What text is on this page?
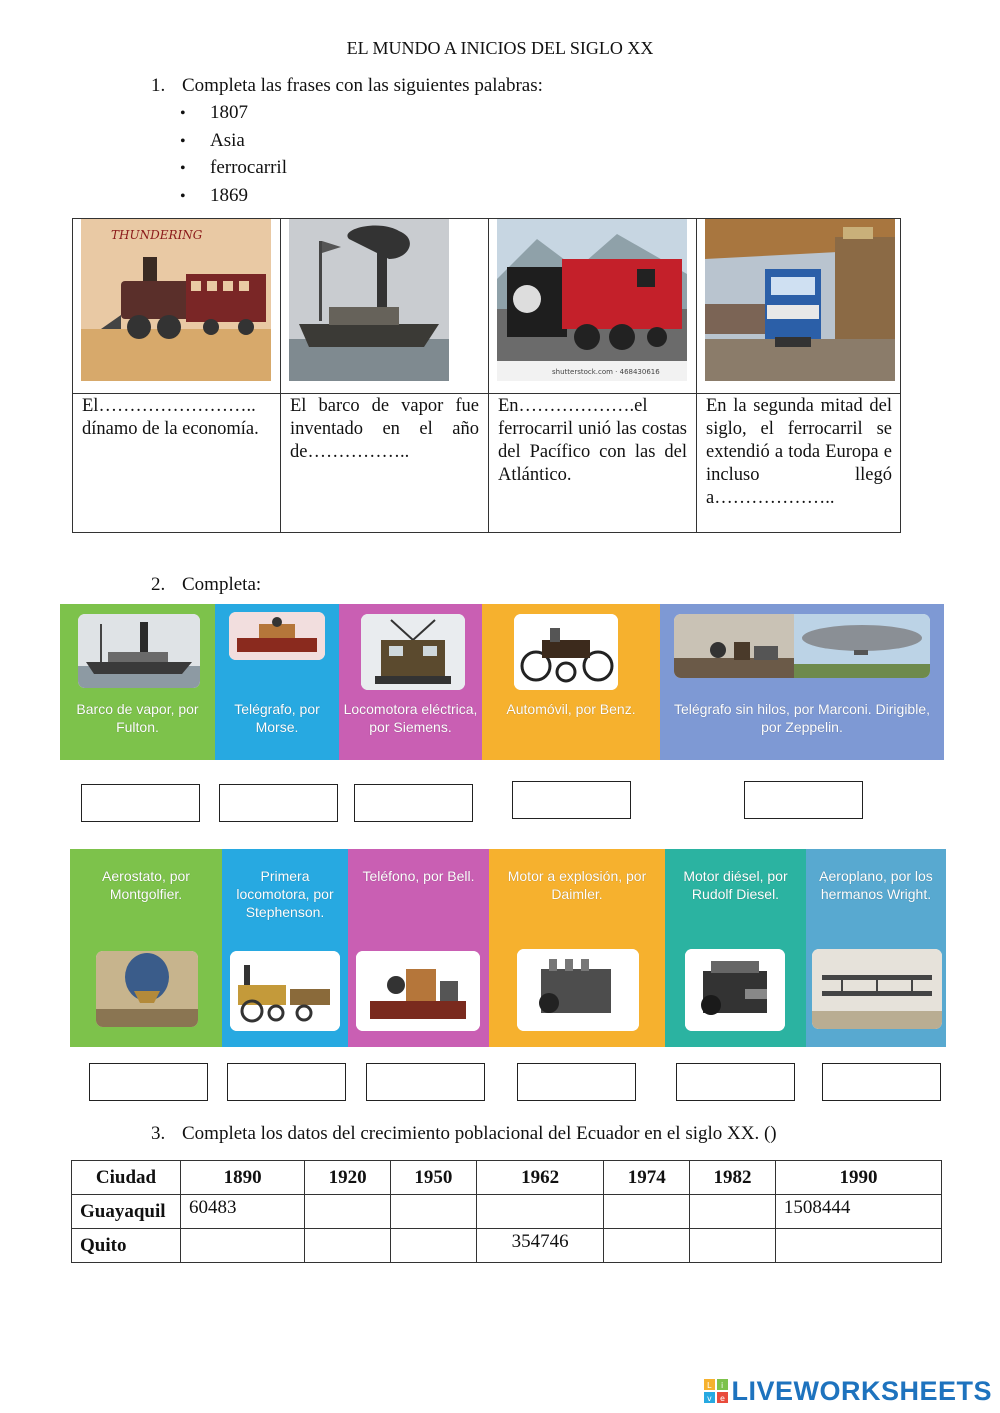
EL MUNDO A INICIOS DEL SIGLO XX
1. Completa las frases con las siguientes palabras:
• 1807
• Asia
• ferrocarril
• 1869
THUNDERING
El…………………….. dínamo de la economía.
El barco de vapor fue inventado en el año de……………..
shutterstock.com · 468430616
En……………….el ferrocarril unió las costas del Pacífico con las del Atlántico.
En la segunda mitad del siglo, el ferrocarril se extendió a toda Europa e incluso llegó a………………..
2. Completa:
Barco de vapor, por Fulton.
Telégrafo, por Morse.
Locomotora eléctrica, por Siemens.
Automóvil, por Benz.	Telégrafo sin hilos, por Marconi. Dirigible, por Zeppelin.
Aerostato, por Montgolfier.
Primera locomotora, por Stephenson.
Teléfono, por Bell.	Motor a explosión, por Daimler.
Motor diésel, por Rudolf Diesel.
Aeroplano, por los hermanos Wright.
3. Completa los datos del crecimiento poblacional del Ecuador en el siglo XX. ()
Ciudad	1890	1920	1950	1962	1974	1982	1990
Guayaquil	60483						1508444
Quito				354746			
L i
v e LIVEWORKSHEETS
